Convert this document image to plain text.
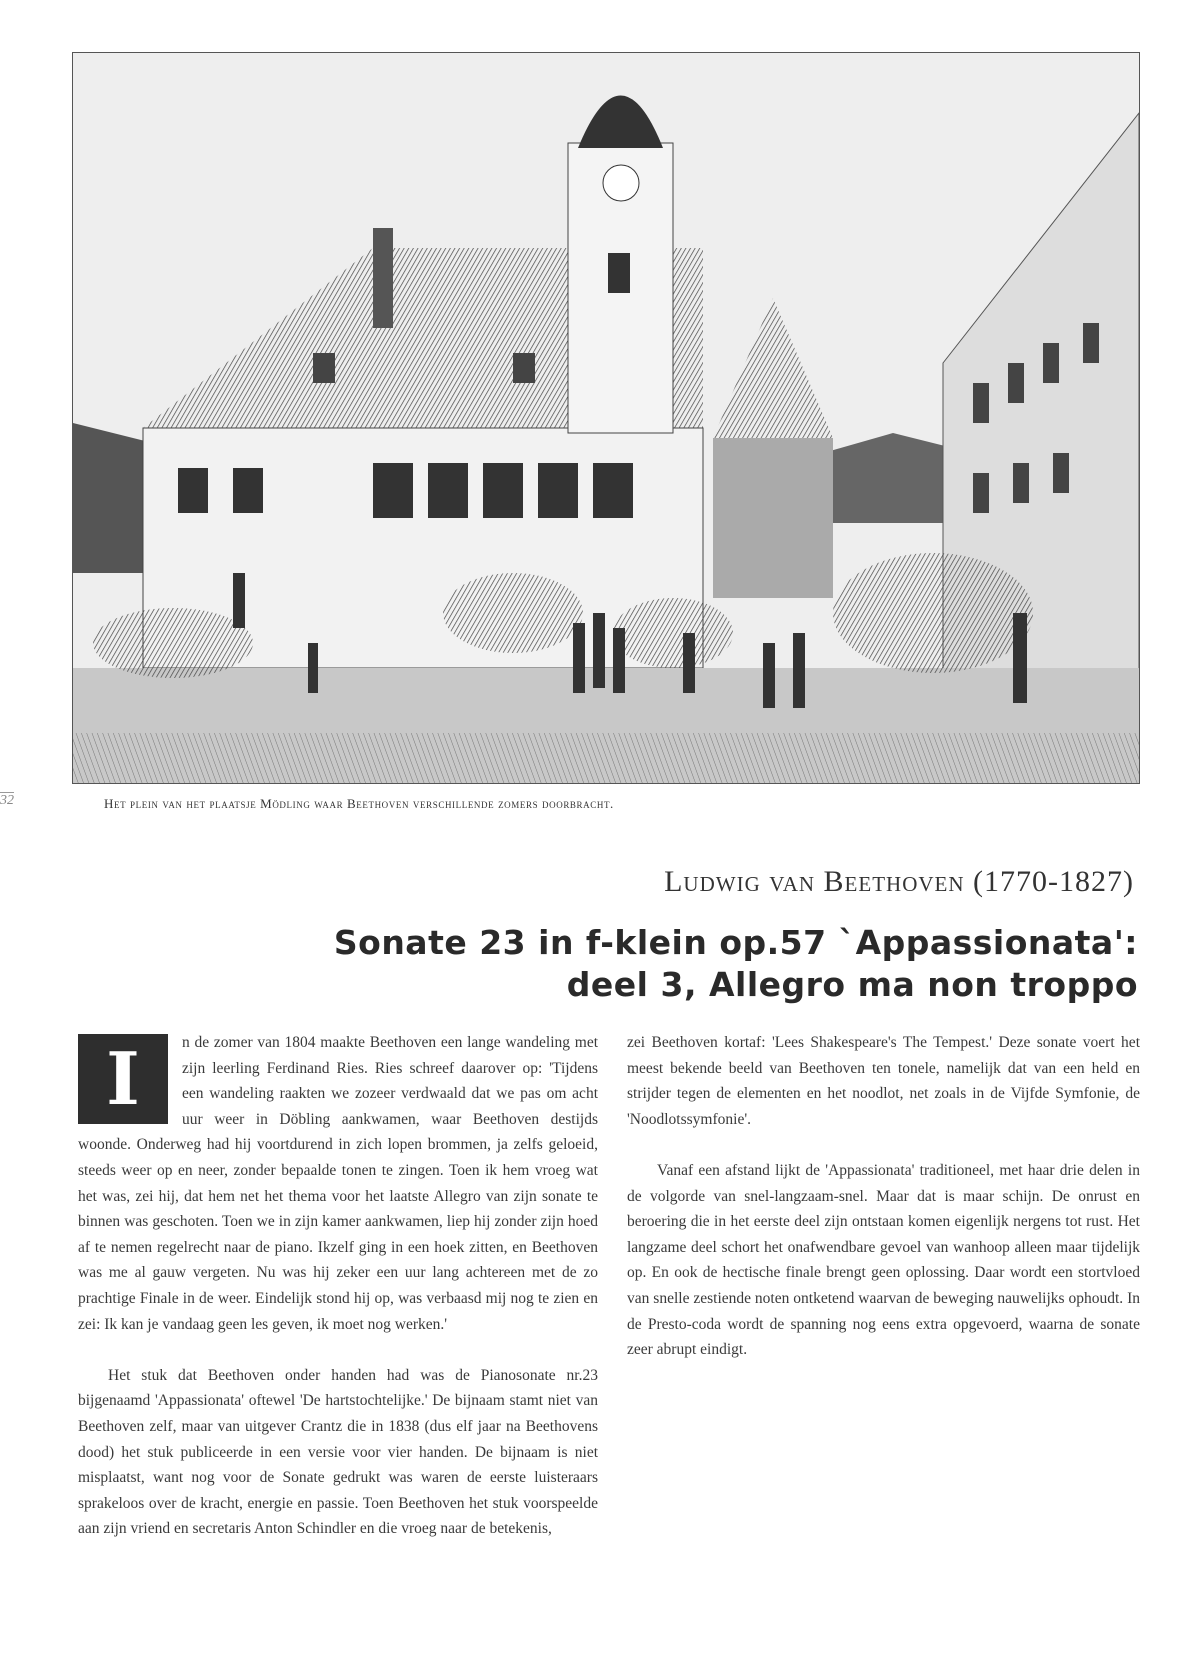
32	Het plein van het plaatsje Mödling waar Beethoven verschillende zomers doorbracht.
Ludwig van Beethoven (1770-1827)
Sonate 23 in f-klein op.57 `Appassionata':
deel 3, Allegro ma non troppo

I	n de zomer van 1804 maakte Beethoven een lange wandeling met zijn leerling Ferdinand Ries. Ries schreef daarover op: 'Tijdens een wandeling raakten we zozeer verdwaald dat we pas om acht uur weer in Döbling aankwamen, waar Beethoven destijds woonde. Onderweg had hij voortdurend in zich lopen brommen, ja zelfs geloeid, steeds weer op en neer, zonder bepaalde tonen te zingen. Toen ik hem vroeg wat het was, zei hij, dat hem net het thema voor het laatste Allegro van zijn sonate te binnen was geschoten. Toen we in zijn kamer aankwamen, liep hij zonder zijn hoed af te nemen regelrecht naar de piano. Ikzelf ging in een hoek zitten, en Beethoven was me al gauw vergeten. Nu was hij zeker een uur lang achtereen met de zo prachtige Finale in de weer. Eindelijk stond hij op, was verbaasd mij nog te zien en zei: Ik kan je vandaag geen les geven, ik moet nog werken.'

Het stuk dat Beethoven onder handen had was de Pianosonate nr.23 bijgenaamd 'Appassionata' oftewel 'De hartstochtelijke.' De bijnaam stamt niet van Beethoven zelf, maar van uitgever Crantz die in 1838 (dus elf jaar na Beethovens dood) het stuk publiceerde in een versie voor vier handen. De bijnaam is niet misplaatst, want nog voor de Sonate gedrukt was waren de eerste luisteraars sprakeloos over de kracht, energie en passie. Toen Beethoven het stuk voorspeelde aan zijn vriend en secretaris Anton Schindler en die vroeg naar de betekenis,

zei Beethoven kortaf: 'Lees Shakespeare's The Tempest.' Deze sonate voert het meest bekende beeld van Beethoven ten tonele, namelijk dat van een held en strijder tegen de elementen en het noodlot, net zoals in de Vijfde Symfonie, de 'Noodlotssymfonie'.

Vanaf een afstand lijkt de 'Appassionata' traditioneel, met haar drie delen in de volgorde van snel-langzaam-snel. Maar dat is maar schijn. De onrust en beroering die in het eerste deel zijn ontstaan komen eigenlijk nergens tot rust. Het langzame deel schort het onafwendbare gevoel van wanhoop alleen maar tijdelijk op. En ook de hectische finale brengt geen oplossing. Daar wordt een stortvloed van snelle zestiende noten ontketend waarvan de beweging nauwelijks ophoudt. In de Presto-coda wordt de spanning nog eens extra opgevoerd, waarna de sonate zeer abrupt eindigt.
